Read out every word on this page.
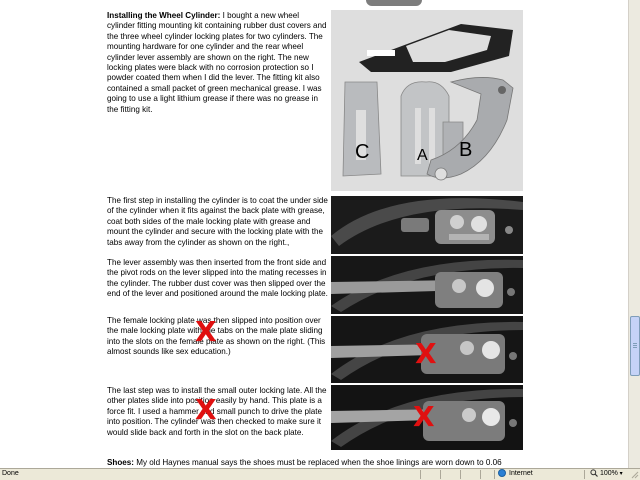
Installing the Wheel Cylinder: I bought a new wheel cylinder fitting mounting kit containing rubber dust covers and the three wheel cylinder locking plates for two cylinders. The mounting hardware for one cylinder and the rear wheel cylinder lever assembly are shown on the right. The new locking plates were black with no corrosion protection so I powder coated them when I did the lever. The fitting kit also contained a small packet of green mechanical grease. I was going to use a light lithium grease if there was no grease in the fitting kit.

C	A B

The first step in installing the cylinder is to coat the under side of the cylinder when it fits against the back plate with grease, coat both sides of the male locking plate with grease and mount the cylinder and secure with the locking plate with the tabs away from the cylinder as shown on the right.,

The lever assembly was then inserted from the front side and the pivot rods on the lever slipped into the mating recesses in the cylinder. The rubber dust cover was then slipped over the end of the lever and positioned around the male locking plate.

The female locking plate was then slipped into position over the male locking plate with the tabs on the male plate sliding into the slots on the female plate as shown on the right. (This almost sounds like sex education.)

X
X

The last step was to install the small outer locking late. All the other plates slide into position easily by hand. This plate is a force fit. I used a hammer and small punch to drive the plate into position. The cylinder was then checked to make sure it would slide back and forth in the slot on the back plate.

X	X

Shoes: My old Haynes manual says the shoes must be replaced when the shoe linings are worn down to 0.06

Done	Internet	100% ▾
